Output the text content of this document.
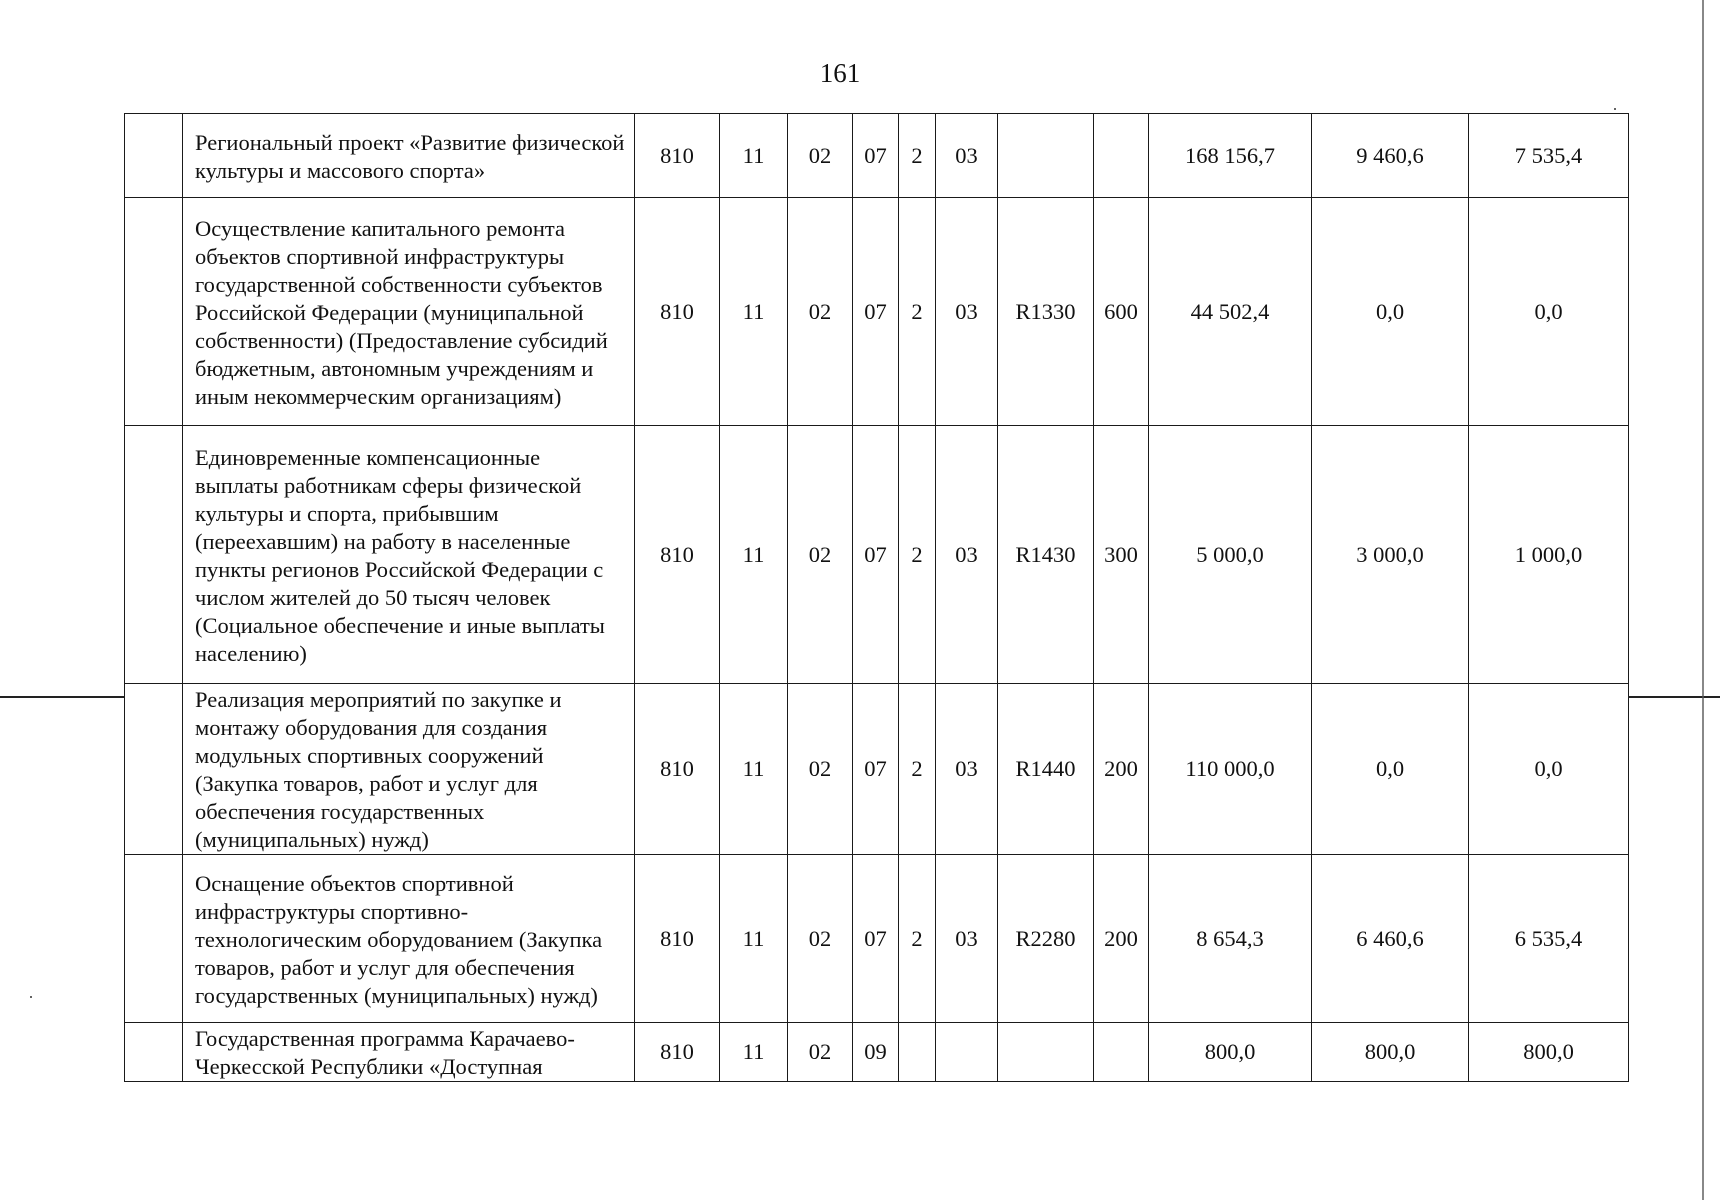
161
	Региональный проект «Развитие физической культуры и массового спорта»	810	11	02	07	2	03			168 156,7	9 460,6	7 535,4
	Осуществление капитального ремонта объектов спортивной инфраструктуры государственной собственности субъектов Российской Федерации (муниципальной собственности) (Предоставление субсидий бюджетным, автономным учреждениям и иным некоммерческим организациям)	810	11	02	07	2	03	R1330	600	44 502,4	0,0	0,0
	Единовременные компенсационные выплаты работникам сферы физической культуры и спорта, прибывшим (переехавшим) на работу в населенные пункты регионов Российской Федерации с числом жителей до 50 тысяч человек (Социальное обеспечение и иные выплаты населению)	810	11	02	07	2	03	R1430	300	5 000,0	3 000,0	1 000,0
	Реализация мероприятий по закупке и монтажу оборудования для создания модульных спортивных сооружений (Закупка товаров, работ и услуг для обеспечения государственных (муниципальных) нужд)	810	11	02	07	2	03	R1440	200	110 000,0	0,0	0,0
	Оснащение объектов спортивной инфраструктуры спортивно-технологическим оборудованием (Закупка товаров, работ и услуг для обеспечения государственных (муниципальных) нужд)	810	11	02	07	2	03	R2280	200	8 654,3	6 460,6	6 535,4
	Государственная программа Карачаево-Черкесской Республики «Доступная	810	11	02	09					800,0	800,0	800,0
